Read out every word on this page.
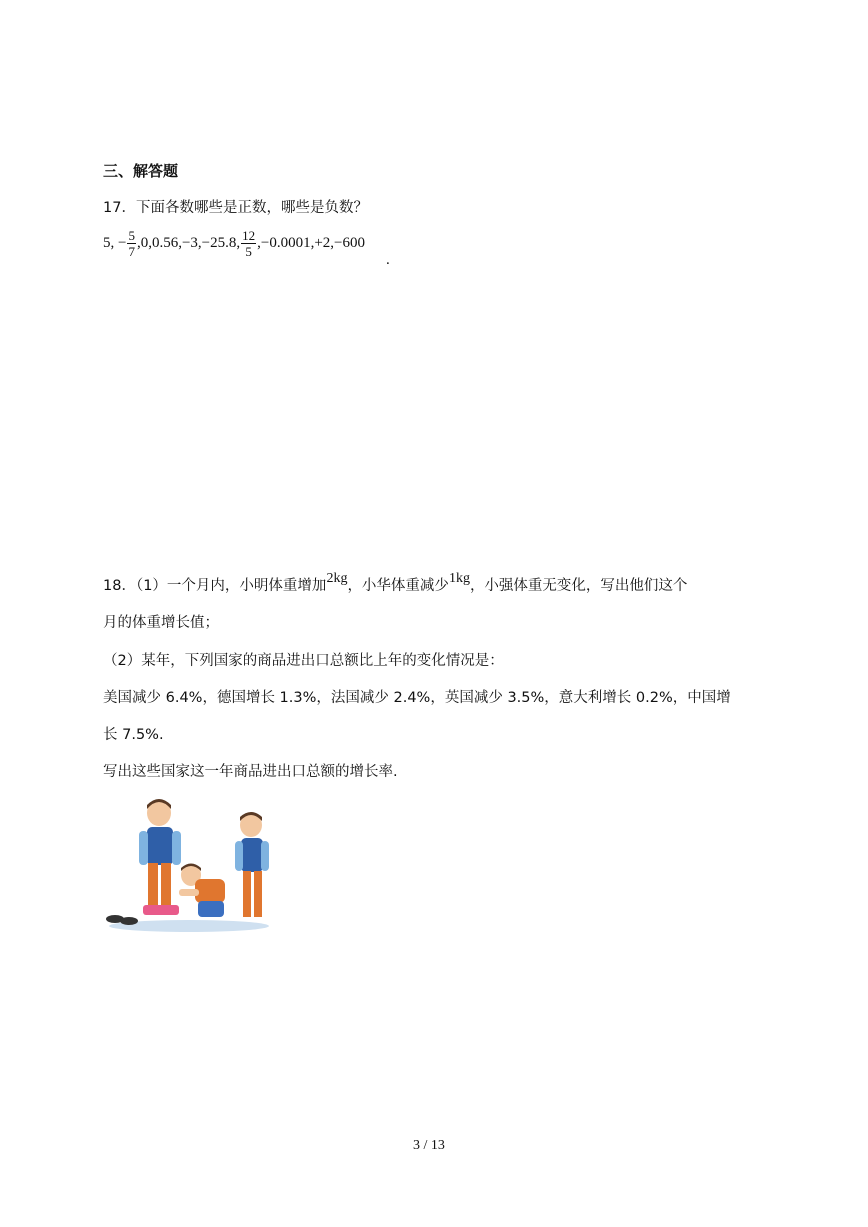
三、解答题
17．下面各数哪些是正数，哪些是负数？
5, − $\frac{5}{7} ,0,0.56,-3,-25.8$, $\frac{12}{5} ,-0.0001,+2,-600$
.
18．（1）一个月内，小明体重增加2kg，小华体重减少1kg，小强体重无变化，写出他们这个
月的体重增长值；
（2）某年，下列国家的商品进出口总额比上年的变化情况是：
美国减少 6.4%，德国增长 1.3%，法国减少 2.4%，英国减少 3.5%，意大利增长 0.2%，中国增
长 7.5%.
写出这些国家这一年商品进出口总额的增长率.
3 / 13
